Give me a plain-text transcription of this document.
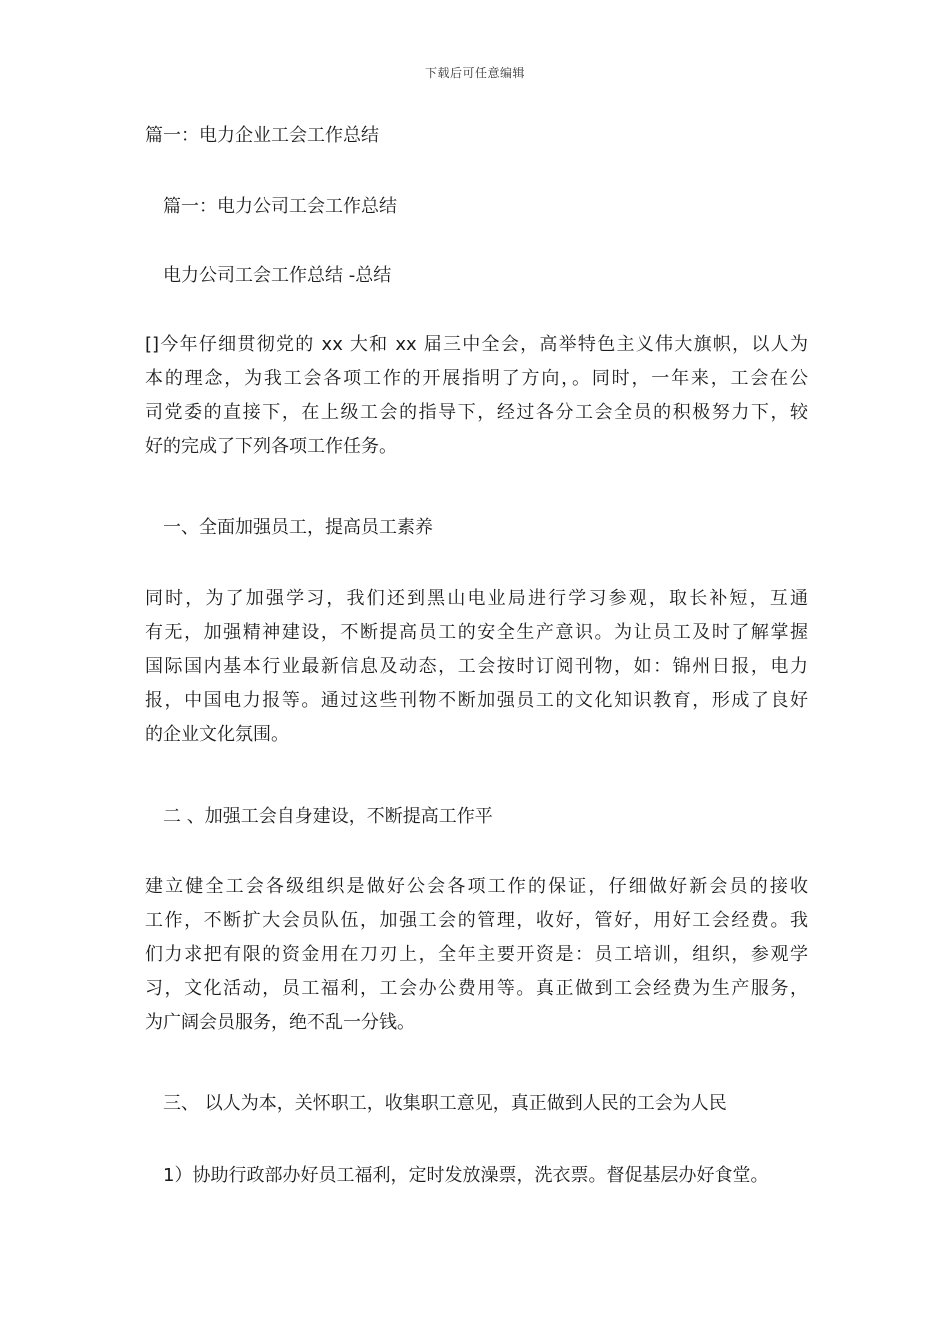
下载后可任意编辑
篇一：电力企业工会工作总结
篇一：电力公司工会工作总结
电力公司工会工作总结 -总结
[]今年仔细贯彻党的 xx 大和 xx 届三中全会，高举特色主义伟大旗帜，以人为
本的理念，为我工会各项工作的开展指明了方向，。同时，一年来，工会在公
司党委的直接下，在上级工会的指导下，经过各分工会全员的积极努力下，较
好的完成了下列各项工作任务。
一、全面加强员工，提高员工素养
同时，为了加强学习，我们还到黑山电业局进行学习参观，取长补短，互通
有无，加强精神建设，不断提高员工的安全生产意识。为让员工及时了解掌握
国际国内基本行业最新信息及动态，工会按时订阅刊物，如：锦州日报，电力
报，中国电力报等。通过这些刊物不断加强员工的文化知识教育，形成了良好
的企业文化氛围。
二 、加强工会自身建设，不断提高工作平
建立健全工会各级组织是做好公会各项工作的保证，仔细做好新会员的接收
工作，不断扩大会员队伍，加强工会的管理，收好，管好，用好工会经费。我
们力求把有限的资金用在刀刃上，全年主要开资是：员工培训，组织，参观学
习，文化活动，员工福利，工会办公费用等。真正做到工会经费为生产服务，
为广阔会员服务，绝不乱一分钱。
三、 以人为本，关怀职工，收集职工意见，真正做到人民的工会为人民
1）协助行政部办好员工福利，定时发放澡票，洗衣票。督促基层办好食堂。
